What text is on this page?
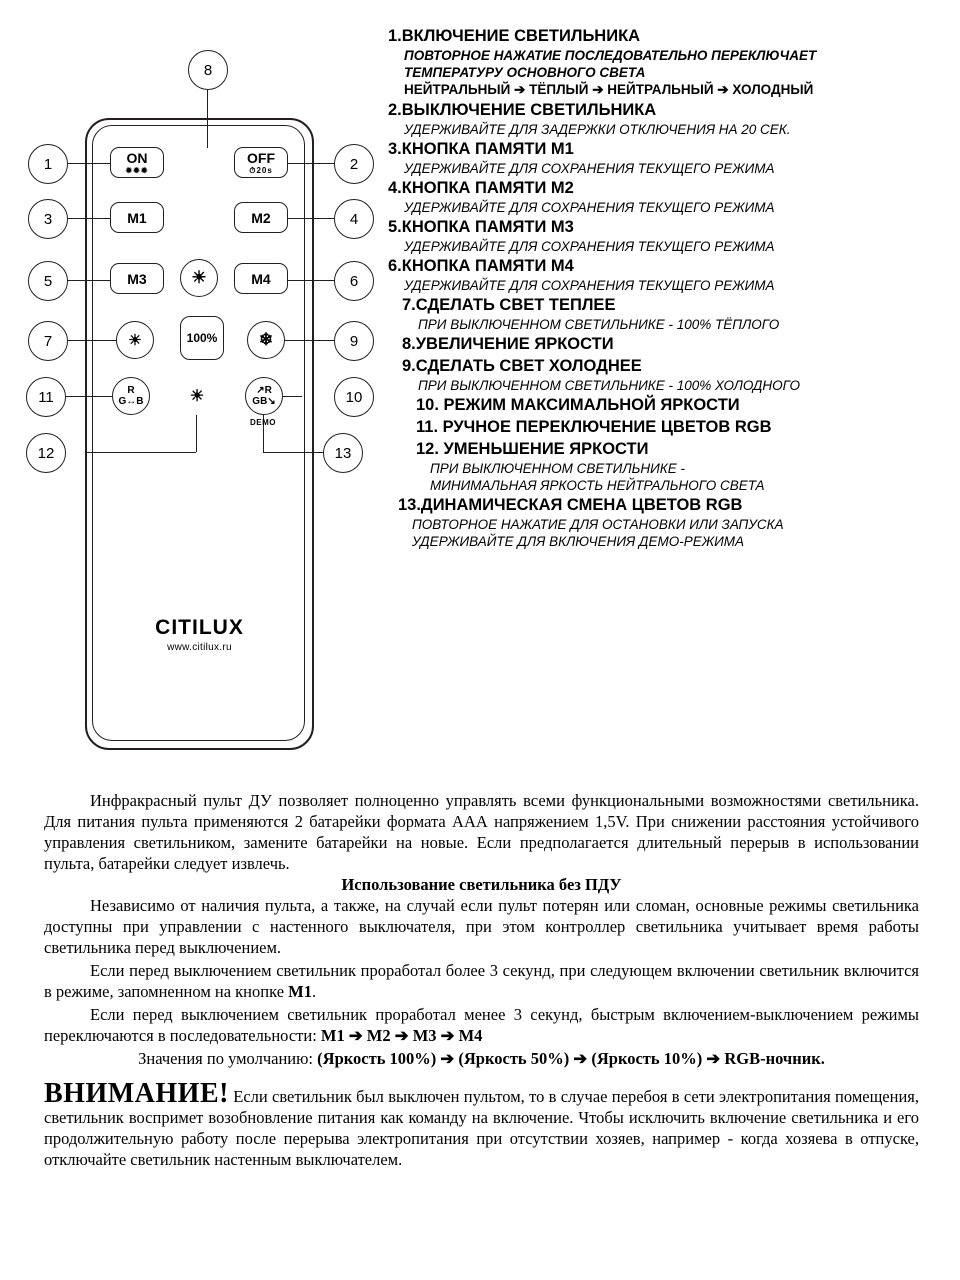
1	2
3	4
5	6
7
8
9
10
11
12	13
ON
✹✹✹
OFF
⏱20s
M1	M2
M3	☀	M4
☀	100% ❄
R
G↔B	☀	↗R
GB↘
DEMO
CITILUX
www.citilux.ru
1.ВКЛЮЧЕНИЕ СВЕТИЛЬНИКА
ПОВТОРНОЕ НАЖАТИЕ ПОСЛЕДОВАТЕЛЬНО ПЕРЕКЛЮЧАЕТ
ТЕМПЕРАТУРУ ОСНОВНОГО СВЕТА
НЕЙТРАЛЬНЫЙ ➔ ТЁПЛЫЙ ➔ НЕЙТРАЛЬНЫЙ ➔ ХОЛОДНЫЙ
2.ВЫКЛЮЧЕНИЕ СВЕТИЛЬНИКА
УДЕРЖИВАЙТЕ ДЛЯ ЗАДЕРЖКИ ОТКЛЮЧЕНИЯ НА 20 СЕК.
3.КНОПКА ПАМЯТИ М1
УДЕРЖИВАЙТЕ ДЛЯ СОХРАНЕНИЯ ТЕКУЩЕГО РЕЖИМА
4.КНОПКА ПАМЯТИ М2
УДЕРЖИВАЙТЕ ДЛЯ СОХРАНЕНИЯ ТЕКУЩЕГО РЕЖИМА
5.КНОПКА ПАМЯТИ М3
УДЕРЖИВАЙТЕ ДЛЯ СОХРАНЕНИЯ ТЕКУЩЕГО РЕЖИМА
6.КНОПКА ПАМЯТИ М4
УДЕРЖИВАЙТЕ ДЛЯ СОХРАНЕНИЯ ТЕКУЩЕГО РЕЖИМА
7.СДЕЛАТЬ СВЕТ ТЕПЛЕЕ
ПРИ ВЫКЛЮЧЕННОМ СВЕТИЛЬНИКЕ - 100% ТЁПЛОГО
8.УВЕЛИЧЕНИЕ ЯРКОСТИ
9.СДЕЛАТЬ СВЕТ ХОЛОДНЕЕ
ПРИ ВЫКЛЮЧЕННОМ СВЕТИЛЬНИКЕ - 100% ХОЛОДНОГО
10. РЕЖИМ МАКСИМАЛЬНОЙ ЯРКОСТИ
11. РУЧНОЕ ПЕРЕКЛЮЧЕНИЕ ЦВЕТОВ RGB
12. УМЕНЬШЕНИЕ ЯРКОСТИ
ПРИ ВЫКЛЮЧЕННОМ СВЕТИЛЬНИКЕ -
МИНИМАЛЬНАЯ ЯРКОСТЬ НЕЙТРАЛЬНОГО СВЕТА
13.ДИНАМИЧЕСКАЯ СМЕНА ЦВЕТОВ RGB
ПОВТОРНОЕ НАЖАТИЕ ДЛЯ ОСТАНОВКИ ИЛИ ЗАПУСКА
УДЕРЖИВАЙТЕ ДЛЯ ВКЛЮЧЕНИЯ ДЕМО-РЕЖИМА

Инфракрасный пульт ДУ позволяет полноценно управлять всеми функциональными возможностями светильника. Для питания пульта применяются 2 батарейки формата ААА напряжением 1,5V. При снижении расстояния устойчивого управления светильником, замените батарейки на новые. Если предполагается длительный перерыв в использовании пульта, батарейки следует извлечь.

Использование светильника без ПДУ

Независимо от наличия пульта, а также, на случай если пульт потерян или сломан, основные режимы светильника доступны при управлении с настенного выключателя, при этом контроллер светильника учитывает время работы светильника перед выключением.

Если перед выключением светильник проработал более 3 секунд, при следующем включении светильник включится в режиме, запомненном на кнопке М1.

Если перед выключением светильник проработал менее 3 секунд, быстрым включением-выключением режимы переключаются в последовательности: М1 ➔ М2 ➔ М3 ➔ М4

Значения по умолчанию: (Яркость 100%) ➔ (Яркость 50%) ➔ (Яркость 10%) ➔ RGB-ночник.

ВНИМАНИЕ! Если светильник был выключен пультом, то в случае перебоя в сети электропитания помещения, светильник воспримет возобновление питания как команду на включение. Чтобы исключить включение светильника и его продолжительную работу после перерыва электропитания при отсутствии хозяев, например - когда хозяева в отпуске, отключайте светильник настенным выключателем.
